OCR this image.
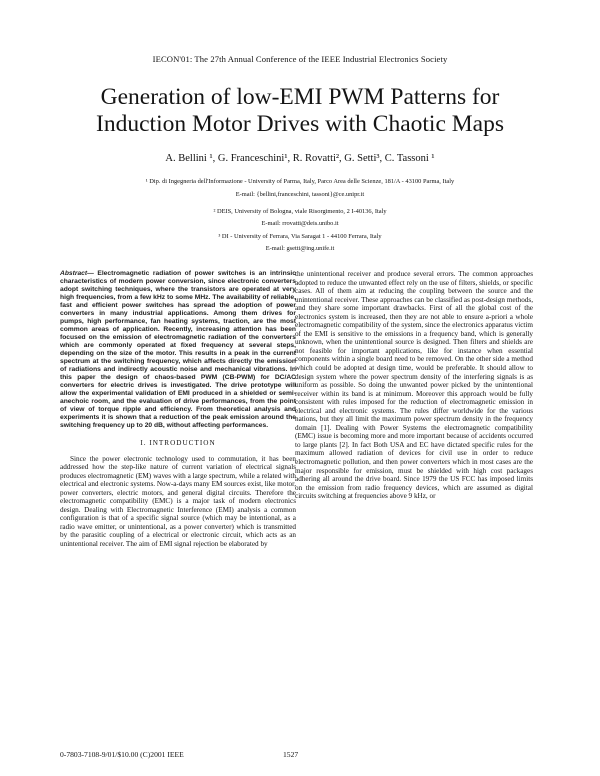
IECON'01: The 27th Annual Conference of the IEEE Industrial Electronics Society
Generation of low-EMI PWM Patterns for
Induction Motor Drives with Chaotic Maps
A. Bellini ¹, G. Franceschini¹, R. Rovatti², G. Setti³, C. Tassoni ¹
¹ Dip. di Ingegneria dell'Informazione - University of Parma, Italy, Parco Area delle Scienze, 181/A - 43100 Parma, Italy
E-mail: {bellini,franceschini, tassoni}@ce.unipr.it
² DEIS, University of Bologna, viale Risorgimento, 2 I-40136, Italy
E-mail: rrovatti@deis.unibo.it
³ DI - University of Ferrara, Via Saragat 1 - 44100 Ferrara, Italy
E-mail: gsetti@ing.unife.it

Abstract— Electromagnetic radiation of power switches is an intrinsic characteristics of modern power conversion, since electronic converters adopt switching techniques, where the transistors are operated at very high frequencies, from a few kHz to some MHz. The availability of reliable, fast and efficient power switches has spread the adoption of power converters in many industrial applications. Among them drives for pumps, high performance, fan heating systems, traction, are the most common areas of application. Recently, increasing attention has been focused on the emission of electromagnetic radiation of the converters which are commonly operated at fixed frequency at several steps, depending on the size of the motor. This results in a peak in the current spectrum at the switching frequency, which affects directly the emission of radiations and indirectly acoustic noise and mechanical vibrations. In this paper the design of chaos-based PWM (CB-PWM) for DC/AC converters for electric drives is investigated. The drive prototype will allow the experimental validation of EMI produced in a shielded or semi-anechoic room, and the evaluation of drive performances, from the point of view of torque ripple and efficiency. From theoretical analysis and experiments it is shown that a reduction of the peak emission around the switching frequency up to 20 dB, without affecting performances.

I. INTRODUCTION

Since the power electronic technology used to commutation, it has been addressed how the step-like nature of current variation of electrical signals produces electromagnetic (EM) waves with a large spectrum, while a related with electrical and electronic systems. Now-a-days many EM sources exist, like motor, power converters, electric motors, and general digital circuits. Therefore the electromagnetic compatibility (EMC) is a major task of modern electronics design. Dealing with Electromagnetic Interference (EMI) analysis a common configuration is that of a specific signal source (which may be intentional, as a radio wave emitter, or unintentional, as a power converter) which is transmitted by the parasitic coupling of a electrical or electronic circuit, which acts as an unintentional receiver. The aim of EMI signal rejection be elaborated by

the unintentional receiver and produce several errors. The common approaches adopted to reduce the unwanted effect rely on the use of filters, shields, or specific cases. All of them aim at reducing the coupling between the source and the unintentional receiver. These approaches can be classified as post-design methods, and they share some important drawbacks. First of all the global cost of the electronics system is increased, then they are not able to ensure a-priori a whole electromagnetic compatibility of the system, since the electronics apparatus victim of the EMI is sensitive to the emissions in a frequency band, which is generally unknown, when the unintentional source is designed. Then filters and shields are not feasible for important applications, like for instance when essential components within a single board need to be removed. On the other side a method which could be adopted at design time, would be preferable. It should allow to design system where the power spectrum density of the interfering signals is as uniform as possible. So doing the unwanted power picked by the unintentional receiver within its band is at minimum. Moreover this approach would be fully consistent with rules imposed for the reduction of electromagnetic emission in electrical and electronic systems. The rules differ worldwide for the various nations, but they all limit the maximum power spectrum density in the frequency domain [1]. Dealing with Power Systems the electromagnetic compatibility (EMC) issue is becoming more and more important because of accidents occurred to large plants [2]. In fact Both USA and EC have dictated specific rules for the maximum allowed radiation of devices for civil use in order to reduce electromagnetic pollution, and then power converters which in most cases are the major responsible for emission, must be shielded with high cost packages adhering all around the drive board. Since 1979 the US FCC has imposed limits on the emission from radio frequency devices, which are assumed as digital circuits switching at frequencies above 9 kHz, or

0-7803-7108-9/01/$10.00 (C)2001 IEEE	1527
